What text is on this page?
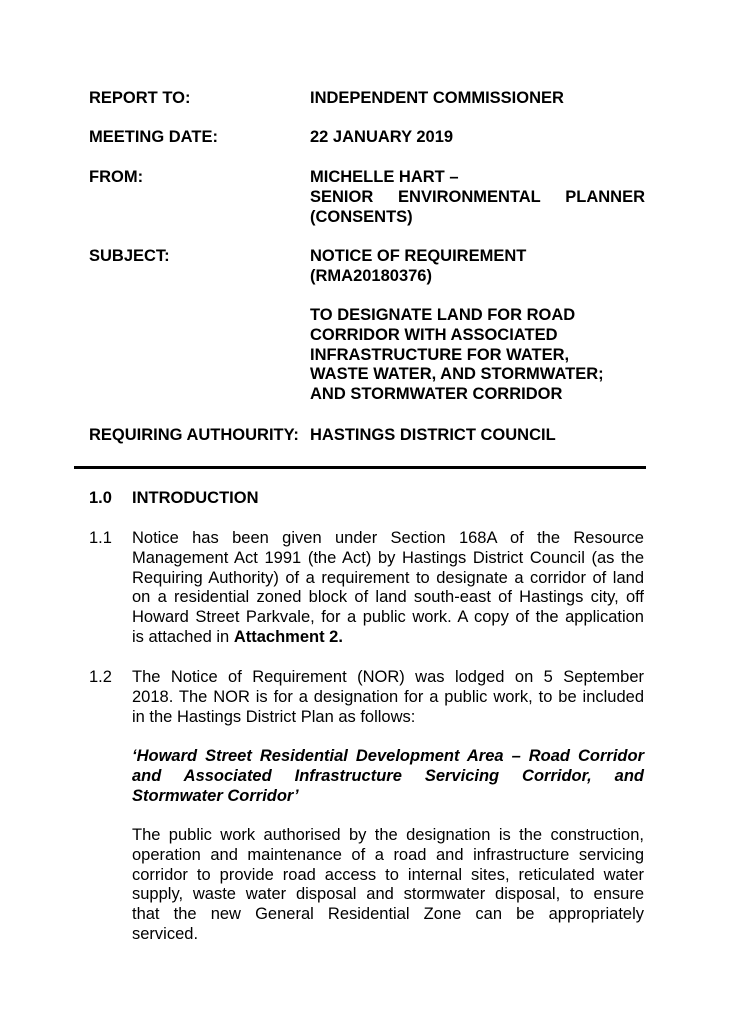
REPORT TO:	INDEPENDENT COMMISSIONER
MEETING DATE:	22 JANUARY 2019
FROM:	MICHELLE HART –
SENIOR ENVIRONMENTAL PLANNER
(CONSENTS)
SUBJECT:	NOTICE OF REQUIREMENT
(RMA20180376)
TO DESIGNATE LAND FOR ROAD
CORRIDOR WITH ASSOCIATED
INFRASTRUCTURE FOR WATER,
WASTE WATER, AND STORMWATER;
AND STORMWATER CORRIDOR
REQUIRING AUTHOURITY: HASTINGS DISTRICT COUNCIL
1.0 INTRODUCTION
1.1 Notice has been given under Section 168A of the Resource
Management Act 1991 (the Act) by Hastings District Council (as the
Requiring Authority) of a requirement to designate a corridor of land
on a residential zoned block of land south-east of Hastings city, off
Howard Street Parkvale, for a public work. A copy of the application
is attached in Attachment 2.
1.2 The Notice of Requirement (NOR) was lodged on 5 September
2018. The NOR is for a designation for a public work, to be included
in the Hastings District Plan as follows:
‘Howard Street Residential Development Area – Road Corridor
and Associated Infrastructure Servicing Corridor, and
Stormwater Corridor’
The public work authorised by the designation is the construction,
operation and maintenance of a road and infrastructure servicing
corridor to provide road access to internal sites, reticulated water
supply, waste water disposal and stormwater disposal, to ensure
that the new General Residential Zone can be appropriately
serviced.
